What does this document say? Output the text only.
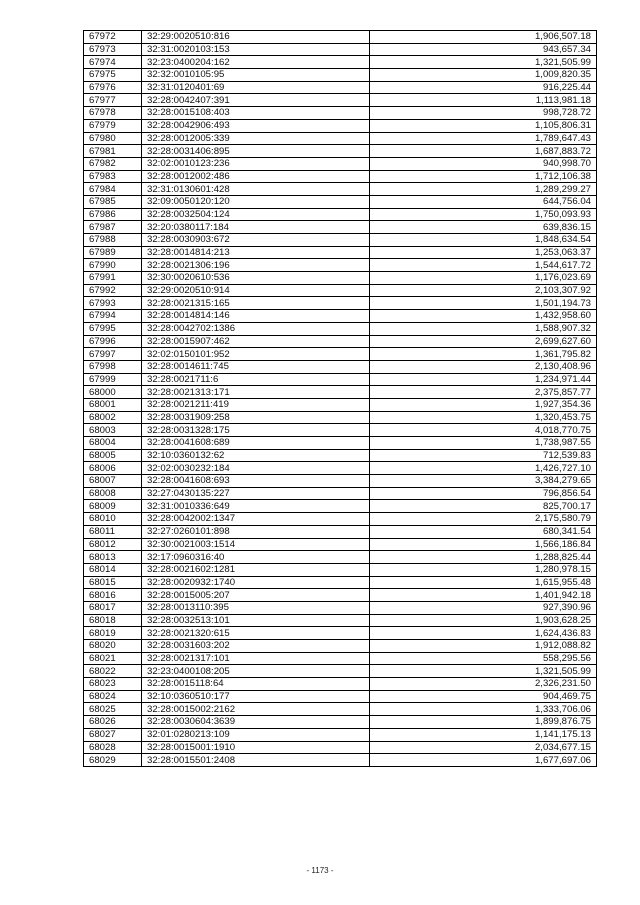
67972	32:29:0020510:816	1,906,507.18
67973	32:31:0020103:153	943,657.34
67974	32:23:0400204:162	1,321,505.99
67975	32:32:0010105:95	1,009,820.35
67976	32:31:0120401:69	916,225.44
67977	32:28:0042407:391	1,113,981.18
67978	32:28:0015108:403	998,728.72
67979	32:28:0042906:493	1,105,806.31
67980	32:28:0012005:339	1,789,647.43
67981	32:28:0031406:895	1,687,883.72
67982	32:02:0010123:236	940,998.70
67983	32:28:0012002:486	1,712,106.38
67984	32:31:0130601:428	1,289,299.27
67985	32:09:0050120:120	644,756.04
67986	32:28:0032504:124	1,750,093.93
67987	32:20:0380117:184	639,836.15
67988	32:28:0030903:672	1,848,634.54
67989	32:28:0014814:213	1,253,063.37
67990	32:28:0021306:196	1,544,617.72
67991	32:30:0020610:536	1,176,023.69
67992	32:29:0020510:914	2,103,307.92
67993	32:28:0021315:165	1,501,194.73
67994	32:28:0014814:146	1,432,958.60
67995	32:28:0042702:1386	1,588,907.32
67996	32:28:0015907:462	2,699,627.60
67997	32:02:0150101:952	1,361,795.82
67998	32:28:0014611:745	2,130,408.96
67999	32:28:0021711:6	1,234,971.44
68000	32:28:0021313:171	2,375,857.77
68001	32:28:0021211:419	1,927,354.36
68002	32:28:0031909:258	1,320,453.75
68003	32:28:0031328:175	4,018,770.75
68004	32:28:0041608:689	1,738,987.55
68005	32:10:0360132:62	712,539.83
68006	32:02:0030232:184	1,426,727.10
68007	32:28:0041608:693	3,384,279.65
68008	32:27:0430135:227	796,856.54
68009	32:31:0010336:649	825,700.17
68010	32:28:0042002:1347	2,175,580.79
68011	32:27:0260101:898	680,341.54
68012	32:30:0021003:1514	1,566,186.84
68013	32:17:0960316:40	1,288,825.44
68014	32:28:0021602:1281	1,280,978.15
68015	32:28:0020932:1740	1,615,955.48
68016	32:28:0015005:207	1,401,942.18
68017	32:28:0013110:395	927,390.96
68018	32:28:0032513:101	1,903,628.25
68019	32:28:0021320:615	1,624,436.83
68020	32:28:0031603:202	1,912,088.82
68021	32:28:0021317:101	558,295.56
68022	32:23:0400108:205	1,321,505.99
68023	32:28:0015118:64	2,326,231.50
68024	32:10:0360510:177	904,469.75
68025	32:28:0015002:2162	1,333,706.06
68026	32:28:0030604:3639	1,899,876.75
68027	32:01:0280213:109	1,141,175.13
68028	32:28:0015001:1910	2,034,677.15
68029	32:28:0015501:2408	1,677,697.06
- 1173 -
